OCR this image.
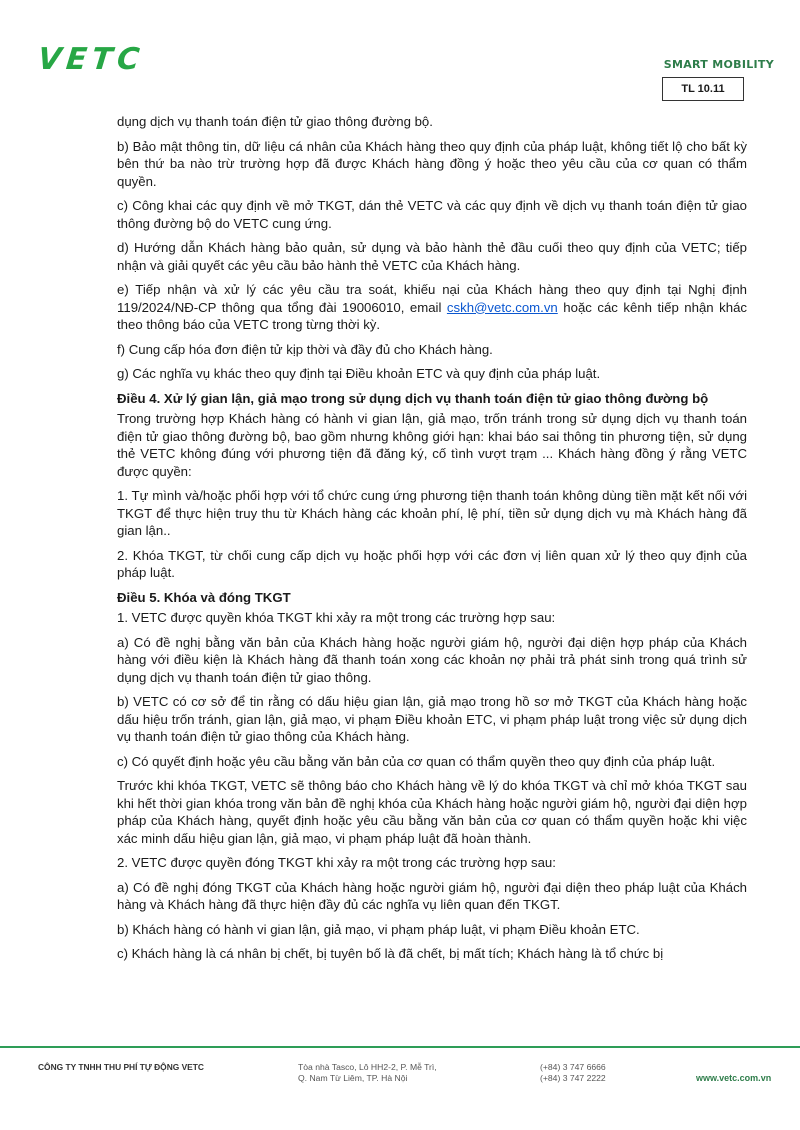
VETC	SMART MOBILITY
TL 10.11

dụng dịch vụ thanh toán điện tử giao thông đường bộ.

b) Bảo mật thông tin, dữ liệu cá nhân của Khách hàng theo quy định của pháp luật, không tiết lộ cho bất kỳ bên thứ ba nào trừ trường hợp đã được Khách hàng đồng ý hoặc theo yêu cầu của cơ quan có thẩm quyền.

c) Công khai các quy định về mở TKGT, dán thẻ VETC và các quy định về dịch vụ thanh toán điện tử giao thông đường bộ do VETC cung ứng.

d) Hướng dẫn Khách hàng bảo quản, sử dụng và bảo hành thẻ đầu cuối theo quy định của VETC; tiếp nhận và giải quyết các yêu cầu bảo hành thẻ VETC của Khách hàng.

e) Tiếp nhận và xử lý các yêu cầu tra soát, khiếu nại của Khách hàng theo quy định tại Nghị định 119/2024/NĐ-CP thông qua tổng đài 19006010, email cskh@vetc.com.vn hoặc các kênh tiếp nhận khác theo thông báo của VETC trong từng thời kỳ.

f) Cung cấp hóa đơn điện tử kịp thời và đầy đủ cho Khách hàng.

g) Các nghĩa vụ khác theo quy định tại Điều khoản ETC và quy định của pháp luật.

Điều 4. Xử lý gian lận, giả mạo trong sử dụng dịch vụ thanh toán điện tử giao thông đường bộ

Trong trường hợp Khách hàng có hành vi gian lận, giả mạo, trốn tránh trong sử dụng dịch vụ thanh toán điện tử giao thông đường bộ, bao gồm nhưng không giới hạn: khai báo sai thông tin phương tiện, sử dụng thẻ VETC không đúng với phương tiện đã đăng ký, cố tình vượt trạm ... Khách hàng đồng ý rằng VETC được quyền:

1. Tự mình và/hoặc phối hợp với tổ chức cung ứng phương tiện thanh toán không dùng tiền mặt kết nối với TKGT để thực hiện truy thu từ Khách hàng các khoản phí, lệ phí, tiền sử dụng dịch vụ mà Khách hàng đã gian lận..

2. Khóa TKGT, từ chối cung cấp dịch vụ hoặc phối hợp với các đơn vị liên quan xử lý theo quy định của pháp luật.

Điều 5. Khóa và đóng TKGT

1. VETC được quyền khóa TKGT khi xảy ra một trong các trường hợp sau:

a) Có đề nghị bằng văn bản của Khách hàng hoặc người giám hộ, người đại diện hợp pháp của Khách hàng với điều kiện là Khách hàng đã thanh toán xong các khoản nợ phải trả phát sinh trong quá trình sử dụng dịch vụ thanh toán điện tử giao thông.

b) VETC có cơ sở để tin rằng có dấu hiệu gian lận, giả mạo trong hồ sơ mở TKGT của Khách hàng hoặc dấu hiệu trốn tránh, gian lận, giả mạo, vi phạm Điều khoản ETC, vi phạm pháp luật trong việc sử dụng dịch vụ thanh toán điện tử giao thông của Khách hàng.

c) Có quyết định hoặc yêu cầu bằng văn bản của cơ quan có thẩm quyền theo quy định của pháp luật.

Trước khi khóa TKGT, VETC sẽ thông báo cho Khách hàng về lý do khóa TKGT và chỉ mở khóa TKGT sau khi hết thời gian khóa trong văn bản đề nghị khóa của Khách hàng hoặc người giám hộ, người đại diện hợp pháp của Khách hàng, quyết định hoặc yêu cầu bằng văn bản của cơ quan có thẩm quyền hoặc khi việc xác minh dấu hiệu gian lận, giả mạo, vi phạm pháp luật đã hoàn thành.

2. VETC được quyền đóng TKGT khi xảy ra một trong các trường hợp sau:

a) Có đề nghị đóng TKGT của Khách hàng hoặc người giám hộ, người đại diện theo pháp luật của Khách hàng và Khách hàng đã thực hiện đầy đủ các nghĩa vụ liên quan đến TKGT.

b) Khách hàng có hành vi gian lận, giả mạo, vi phạm pháp luật, vi phạm Điều khoản ETC.

c) Khách hàng là cá nhân bị chết, bị tuyên bố là đã chết, bị mất tích; Khách hàng là tổ chức bị

CÔNG TY TNHH THU PHÍ TỰ ĐỘNG VETC	Tòa nhà Tasco, Lô HH2-2, P. Mễ Trì,
Q. Nam Từ Liêm, TP. Hà Nội
(+84) 3 747 6666
(+84) 3 747 2222	www.vetc.com.vn
